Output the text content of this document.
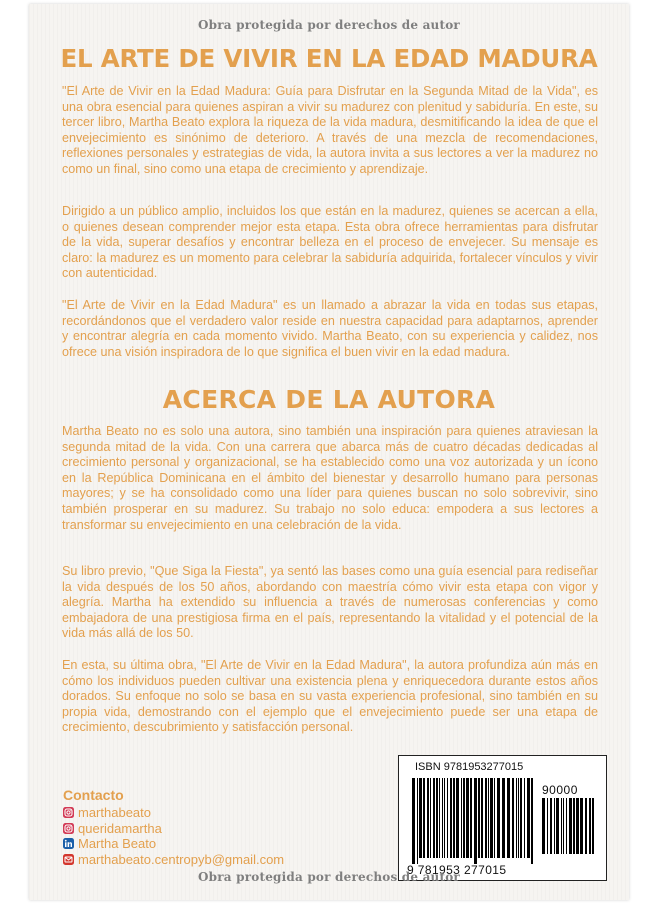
Obra protegida por derechos de autor
EL ARTE DE VIVIR EN LA EDAD MADURA

"El Arte de Vivir en la Edad Madura: Guía para Disfrutar en la Segunda Mitad de la Vida", es una obra esencial para quienes aspiran a vivir su madurez con plenitud y sabiduría. En este, su tercer libro, Martha Beato explora la riqueza de la vida madura, desmitificando la idea de que el envejecimiento es sinónimo de deterioro. A través de una mezcla de recomendaciones, reflexiones personales y estrategias de vida, la autora invita a sus lectores a ver la madurez no como un final, sino como una etapa de crecimiento y aprendizaje.

Dirigido a un público amplio, incluidos los que están en la madurez, quienes se acercan a ella, o quienes desean comprender mejor esta etapa. Esta obra ofrece herramientas para disfrutar de la vida, superar desafíos y encontrar belleza en el proceso de envejecer. Su mensaje es claro: la madurez es un momento para celebrar la sabiduría adquirida, fortalecer vínculos y vivir con autenticidad.

"El Arte de Vivir en la Edad Madura" es un llamado a abrazar la vida en todas sus etapas, recordándonos que el verdadero valor reside en nuestra capacidad para adaptarnos, aprender y encontrar alegría en cada momento vivido. Martha Beato, con su experiencia y calidez, nos ofrece una visión inspiradora de lo que significa el buen vivir en la edad madura.

ACERCA DE LA AUTORA

Martha Beato no es solo una autora, sino también una inspiración para quienes atraviesan la segunda mitad de la vida. Con una carrera que abarca más de cuatro décadas dedicadas al crecimiento personal y organizacional, se ha establecido como una voz autorizada y un ícono en la República Dominicana en el ámbito del bienestar y desarrollo humano para personas mayores; y se ha consolidado como una líder para quienes buscan no solo sobrevivir, sino también prosperar en su madurez. Su trabajo no solo educa: empodera a sus lectores a transformar su envejecimiento en una celebración de la vida.

Su libro previo, "Que Siga la Fiesta", ya sentó las bases como una guía esencial para rediseñar la vida después de los 50 años, abordando con maestría cómo vivir esta etapa con vigor y alegría. Martha ha extendido su influencia a través de numerosas conferencias y como embajadora de una prestigiosa firma en el país, representando la vitalidad y el potencial de la vida más allá de los 50.

En esta, su última obra, "El Arte de Vivir en la Edad Madura", la autora profundiza aún más en cómo los individuos pueden cultivar una existencia plena y enriquecedora durante estos años dorados. Su enfoque no solo se basa en su vasta experiencia profesional, sino también en su propia vida, demostrando con el ejemplo que el envejecimiento puede ser una etapa de crecimiento, descubrimiento y satisfacción personal.

Contacto
marthabeato
queridamartha
Martha Beato
marthabeato.centropyb@gmail.com
ISBN 9781953277015
90000
9 781953 277015
Obra protegida por derechos de autor
